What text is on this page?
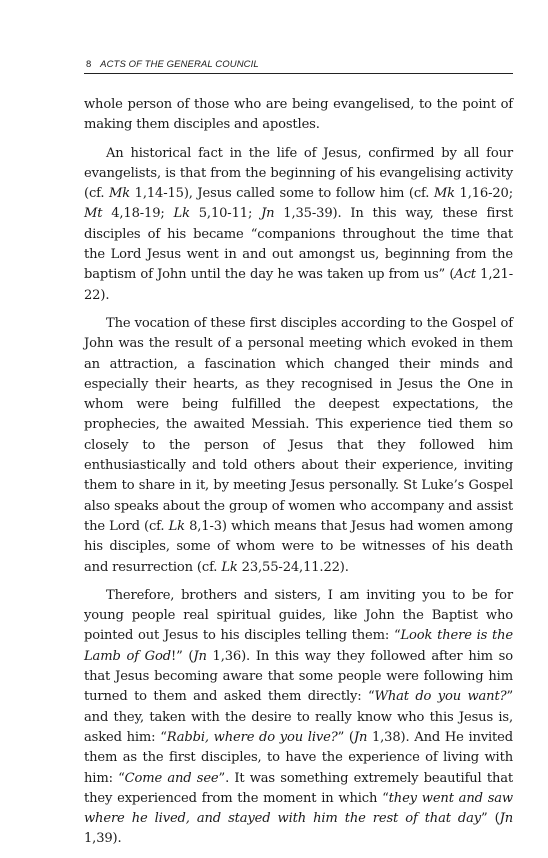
8 ACTS OF THE GENERAL COUNCIL

whole person of those who are being evangelised, to the point of making them disciples and apostles.

An historical fact in the life of Jesus, confirmed by all four evangelists, is that from the beginning of his evangelising activity (cf. Mk 1,14-15), Jesus called some to follow him (cf. Mk 1,16-20; Mt 4,18-19; Lk 5,10-11; Jn 1,35-39). In this way, these first disciples of his became “companions throughout the time that the Lord Jesus went in and out amongst us, beginning from the baptism of John until the day he was taken up from us” (Act 1,21-22).

The vocation of these first disciples according to the Gospel of John was the result of a personal meeting which evoked in them an attraction, a fascination which changed their minds and especially their hearts, as they recognised in Jesus the One in whom were being fulfilled the deepest expectations, the prophecies, the awaited Messiah. This experience tied them so closely to the person of Jesus that they followed him enthusiastically and told others about their experience, inviting them to share in it, by meeting Jesus personally. St Luke’s Gospel also speaks about the group of women who accompany and assist the Lord (cf. Lk 8,1-3) which means that Jesus had women among his disciples, some of whom were to be witnesses of his death and resurrection (cf. Lk 23,55-24,11.22).

Therefore, brothers and sisters, I am inviting you to be for young people real spiritual guides, like John the Baptist who pointed out Jesus to his disciples telling them: “Look there is the Lamb of God!” (Jn 1,36). In this way they followed after him so that Jesus becoming aware that some people were following him turned to them and asked them directly: “What do you want?” and they, taken with the desire to really know who this Jesus is, asked him: “Rabbi, where do you live?” (Jn 1,38). And He invited them as the first disciples, to have the experience of living with him: “Come and see”. It was something extremely beautiful that they experienced from the moment in which “they went and saw where he lived, and stayed with him the rest of that day” (Jn 1,39).
